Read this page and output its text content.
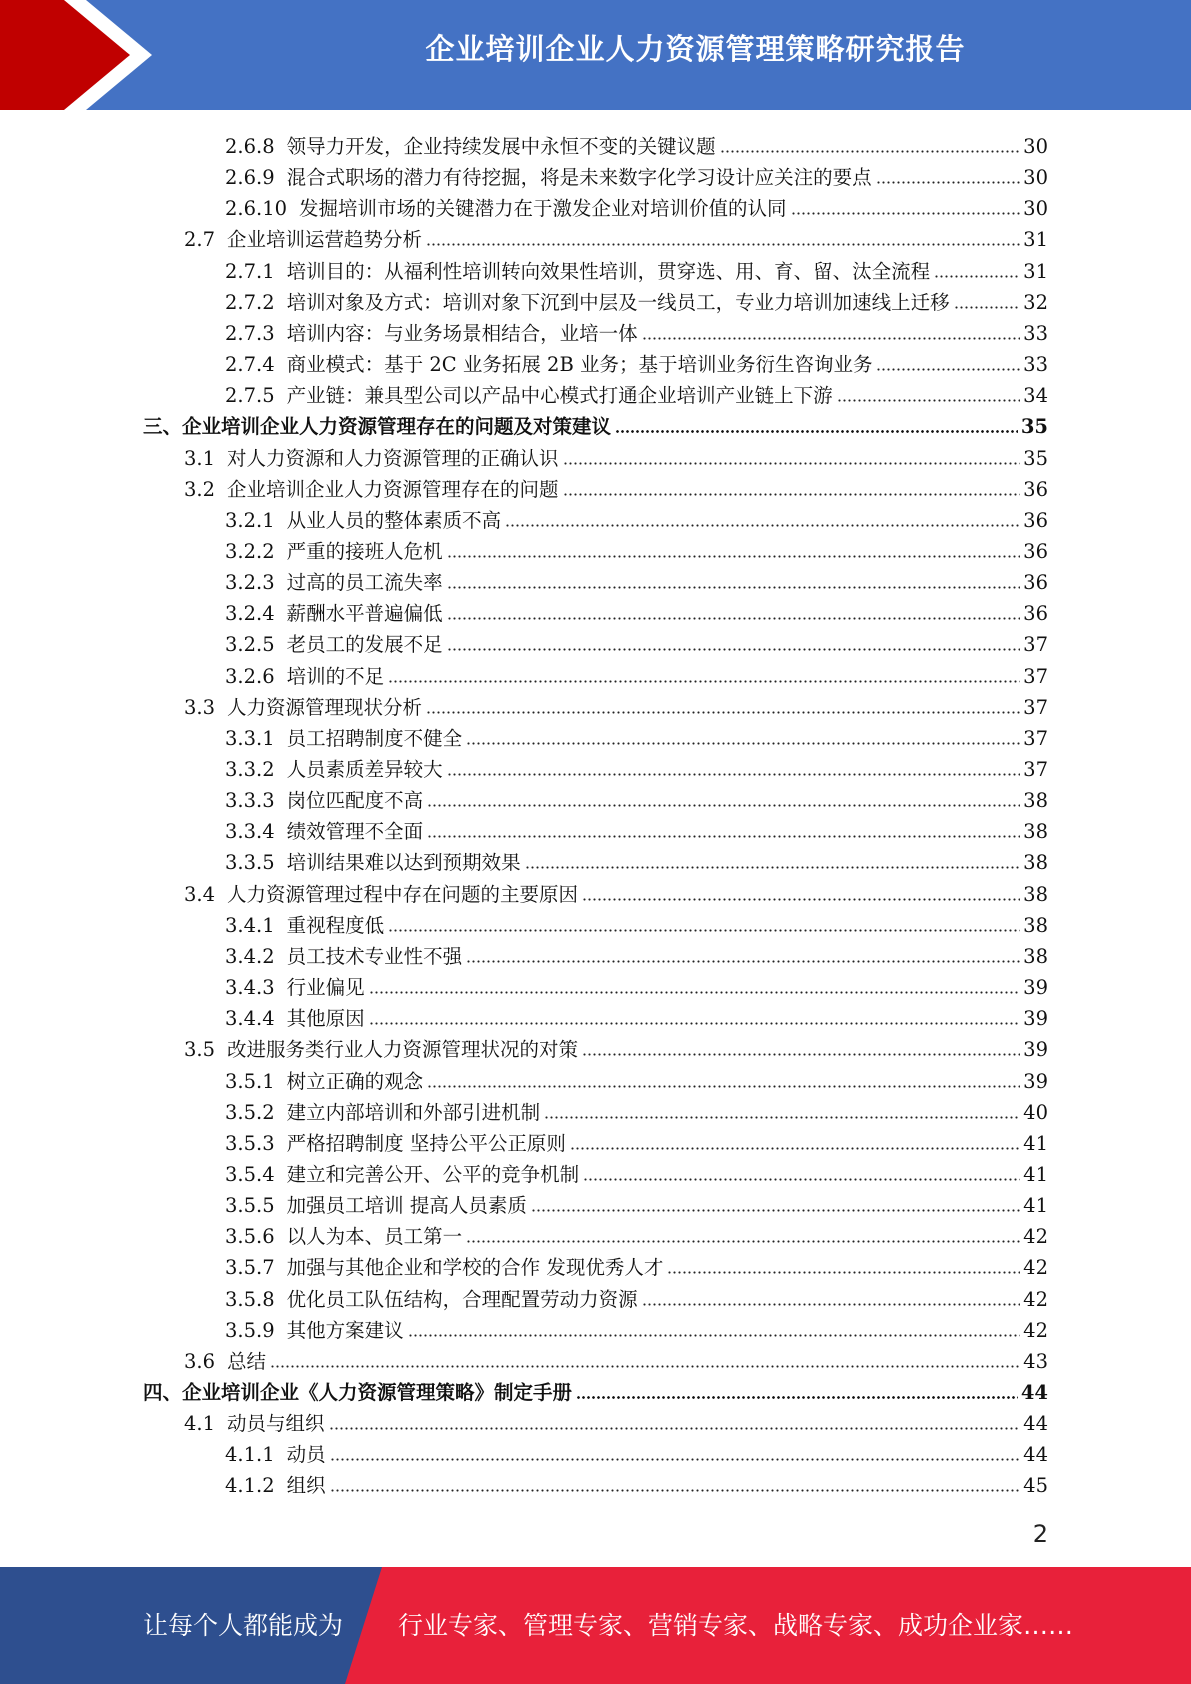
企业培训企业人力资源管理策略研究报告
2.6.8 领导力开发，企业持续发展中永恒不变的关键议题	30
2.6.9 混合式职场的潜力有待挖掘，将是未来数字化学习设计应关注的要点	30
2.6.10 发掘培训市场的关键潜力在于激发企业对培训价值的认同	30
2.7 企业培训运营趋势分析	31
2.7.1 培训目的：从福利性培训转向效果性培训，贯穿选、用、育、留、汰全流程	31
2.7.2 培训对象及方式：培训对象下沉到中层及一线员工，专业力培训加速线上迁移	32
2.7.3 培训内容：与业务场景相结合，业培一体	33
2.7.4 商业模式：基于 2C 业务拓展 2B 业务；基于培训业务衍生咨询业务	33
2.7.5 产业链：兼具型公司以产品中心模式打通企业培训产业链上下游	34
三、 企业培训企业人力资源管理存在的问题及对策建议	35
3.1 对人力资源和人力资源管理的正确认识	35
3.2 企业培训企业人力资源管理存在的问题	36
3.2.1 从业人员的整体素质不高	36
3.2.2 严重的接班人危机	36
3.2.3 过高的员工流失率	36
3.2.4 薪酬水平普遍偏低	36
3.2.5 老员工的发展不足	37
3.2.6 培训的不足	37
3.3 人力资源管理现状分析	37
3.3.1 员工招聘制度不健全	37
3.3.2 人员素质差异较大	37
3.3.3 岗位匹配度不高	38
3.3.4 绩效管理不全面	38
3.3.5 培训结果难以达到预期效果	38
3.4 人力资源管理过程中存在问题的主要原因	38
3.4.1 重视程度低	38
3.4.2 员工技术专业性不强	38
3.4.3 行业偏见	39
3.4.4 其他原因	39
3.5 改进服务类行业人力资源管理状况的对策	39
3.5.1 树立正确的观念	39
3.5.2 建立内部培训和外部引进机制	40
3.5.3 严格招聘制度 坚持公平公正原则	41
3.5.4 建立和完善公开、公平的竞争机制	41
3.5.5 加强员工培训 提高人员素质	41
3.5.6 以人为本、员工第一	42
3.5.7 加强与其他企业和学校的合作 发现优秀人才	42
3.5.8 优化员工队伍结构，合理配置劳动力资源	42
3.5.9 其他方案建议	42
3.6 总结	43
四、 企业培训企业《人力资源管理策略》制定手册	44
4.1 动员与组织	44
4.1.1 动员	44
4.1.2 组织	45
2
让每个人都能成为 行业专家、管理专家、营销专家、战略专家、成功企业家……
